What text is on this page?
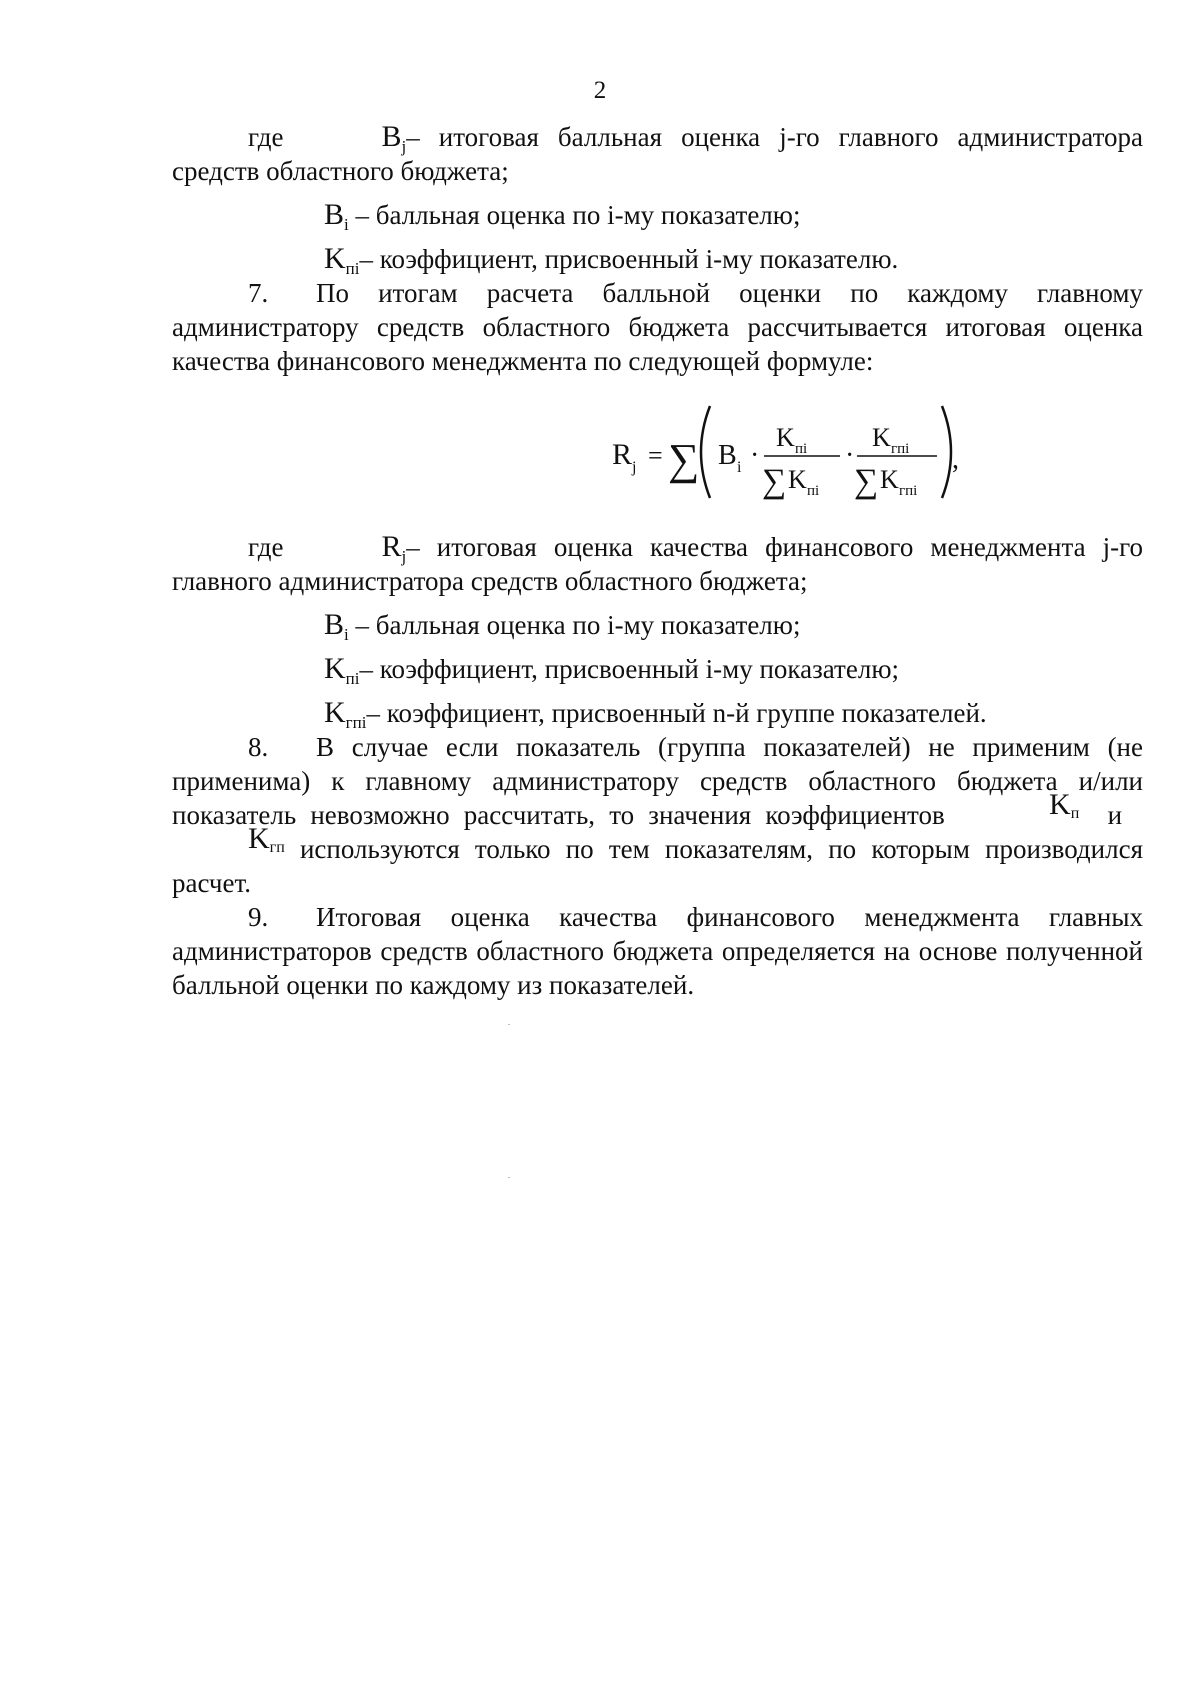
2

где	$B_j-$ итоговая балльная оценка j-го главного администратора средств областного бюджета;

$B_i$ – балльная оценка по i-му показателю;

$K_{пi}-$ коэффициент, присвоенный i-му показателю.

7. По итогам расчета балльной оценки по каждому главному администратору средств областного бюджета рассчитывается итоговая оценка качества финансового менеджмента по следующей формуле:

R j = ∑ B i ·
K пi
∑ K пi
·
K гпi
∑ K гпi
,

где	$R_j-$ итоговая оценка качества финансового менеджмента j-го главного администратора средств областного бюджета;

$B_i$ – балльная оценка по i-му показателю;

$K_{пi}-$ коэффициент, присвоенный i-му показателю;

$K_{гпi}-$ коэффициент, присвоенный n-й группе показателей.

8. В случае если показатель (группа показателей) не применим (не применима) к главному администратору средств областного бюджета и/или показатель невозможно рассчитать, то значения коэффициентов	$K_п$ и  $K_{гп}$ используются только по тем показателям, по которым производился расчет.

9. Итоговая оценка качества финансового менеджмента главных администраторов средств областного бюджета определяется на основе полученной балльной оценки по каждому из показателей.
